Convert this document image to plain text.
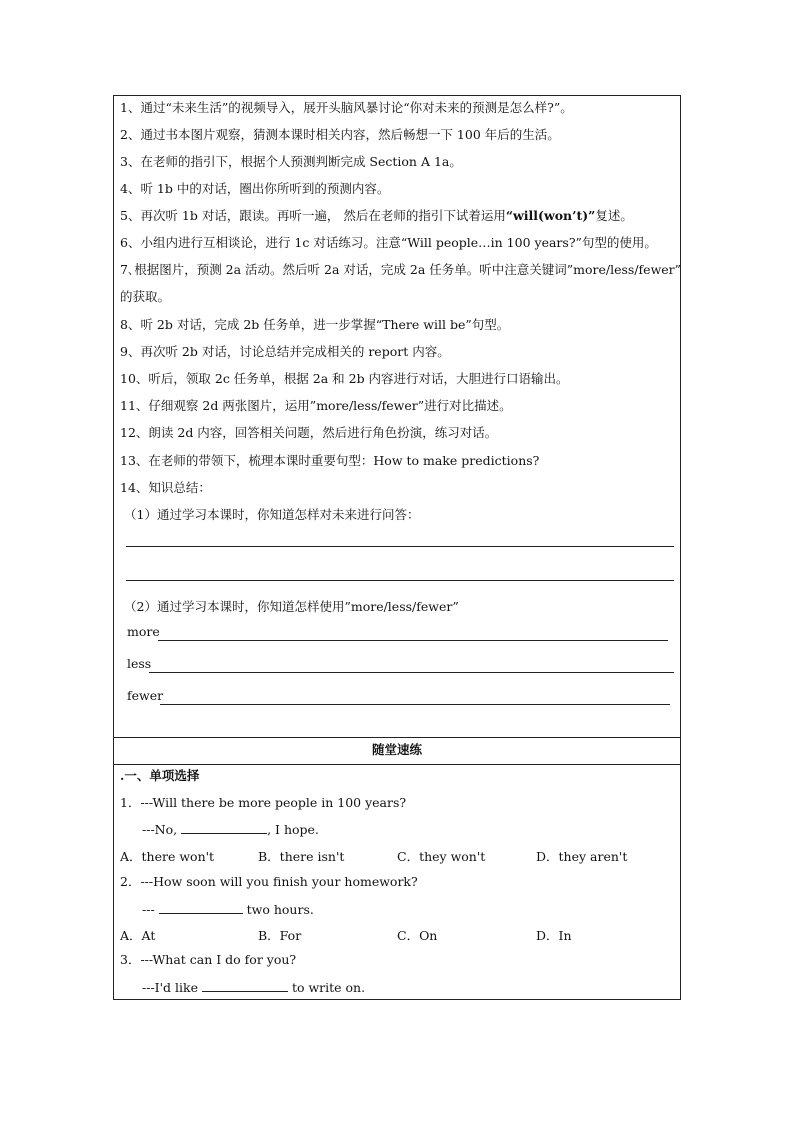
1、通过“未来生活”的视频导入，展开头脑风暴讨论“你对未来的预测是怎么样?”。
2、通过书本图片观察，猜测本课时相关内容，然后畅想一下 100 年后的生活。
3、在老师的指引下，根据个人预测判断完成 Section A 1a。
4、听 1b 中的对话，圈出你所听到的预测内容。
5、再次听 1b 对话，跟读。再听一遍， 然后在老师的指引下试着运用“will(won’t)”复述。
6、小组内进行互相谈论，进行 1c 对话练习。注意“Will people…in 100 years?”句型的使用。
7､根据图片，预测 2a 活动。然后听 2a 对话，完成 2a 任务单。听中注意关键词”more/less/fewer”
的获取。
8、听 2b 对话，完成 2b 任务单，进一步掌握“There will be”句型。
9、再次听 2b 对话，讨论总结并完成相关的 report 内容。
10、听后，领取 2c 任务单，根据 2a 和 2b 内容进行对话，大胆进行口语输出。
11、仔细观察 2d 两张图片，运用”more/less/fewer”进行对比描述。
12、朗读 2d 内容，回答相关问题，然后进行角色扮演，练习对话。
13、在老师的带领下，梳理本课时重要句型：How to make predictions?
14、知识总结：
（1）通过学习本课时，你知道怎样对未来进行问答：
（2）通过学习本课时，你知道怎样使用”more/less/fewer”
more
less
fewer
随堂速练
.一、单项选择
1．---Will there be more people in 100 years?
---No,	, I hope.
A．there won't	B．there isn't	C．they won't	D．they aren't
2．---How soon will you finish your homework?
---	two hours.
A．At	B．For	C．On	D．In
3．---What can I do for you?
---I'd like	to write on.
